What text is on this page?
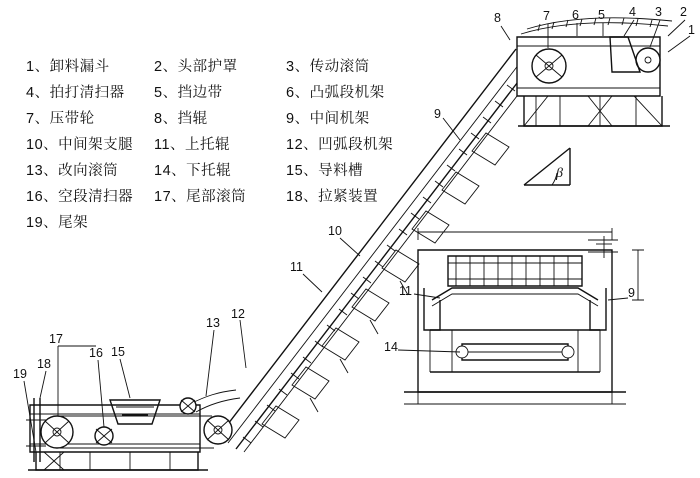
1、卸料漏斗	2、头部护罩	3、传动滚筒
4、拍打清扫器	5、挡边带	6、凸弧段机架
7、压带轮	8、挡辊	9、中间机架
10、中间架支腿	11、上托辊	12、凹弧段机架
13、改向滚筒	14、下托辊	15、导料槽
16、空段清扫器	17、尾部滚筒	18、拉紧装置
19、尾架
β
8	7 6 5 4 3 2
1
9
10
11
12
13
16 15
17
18
19
11	9
14
